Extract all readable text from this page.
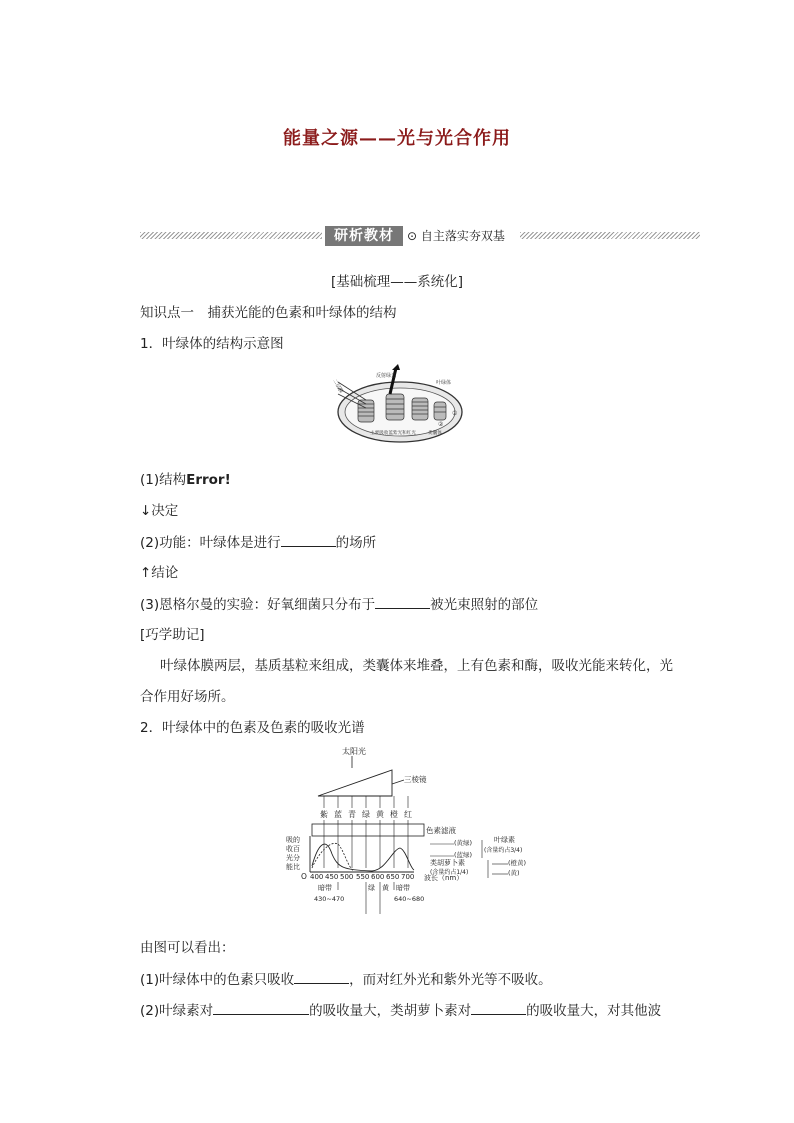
能量之源——光与光合作用
研析教材	⊙ 自主落实夯双基
[基础梳理——系统化]
知识点一　捕获光能的色素和叶绿体的结构
1．叶绿体的结构示意图
二层膜
反射绿光
叶绿体
①
②
主要吸收蓝紫光和红光	类囊体
(1)结构Error!
↓决定
(2)功能：叶绿体是进行	的场所
↑结论
(3)恩格尔曼的实验：好氧细菌只分布于	被光束照射的部位
[巧学助记]
叶绿体膜两层，基质基粒来组成，类囊体来堆叠，上有色素和酶，吸收光能来转化，光
合作用好场所。
2．叶绿体中的色素及色素的吸收光谱
太阳光
三棱镜
紫 蓝 青 绿 黄 橙 红
色素滤液
吸的
收百
光分
能比
O 400 450 500 550 600 650 700 波长（nm）
暗带
430~470
绿 黄 暗带
640~680
(黄绿)
(蓝绿)
叶绿素
(含量约占3/4)
类胡萝卜素
(含量约占1/4)
(橙黄)
(黄)
由图可以看出：
(1)叶绿体中的色素只吸收	，而对红外光和紫外光等不吸收。
(2)叶绿素对	的吸收量大，类胡萝卜素对	的吸收量大，对其他波
